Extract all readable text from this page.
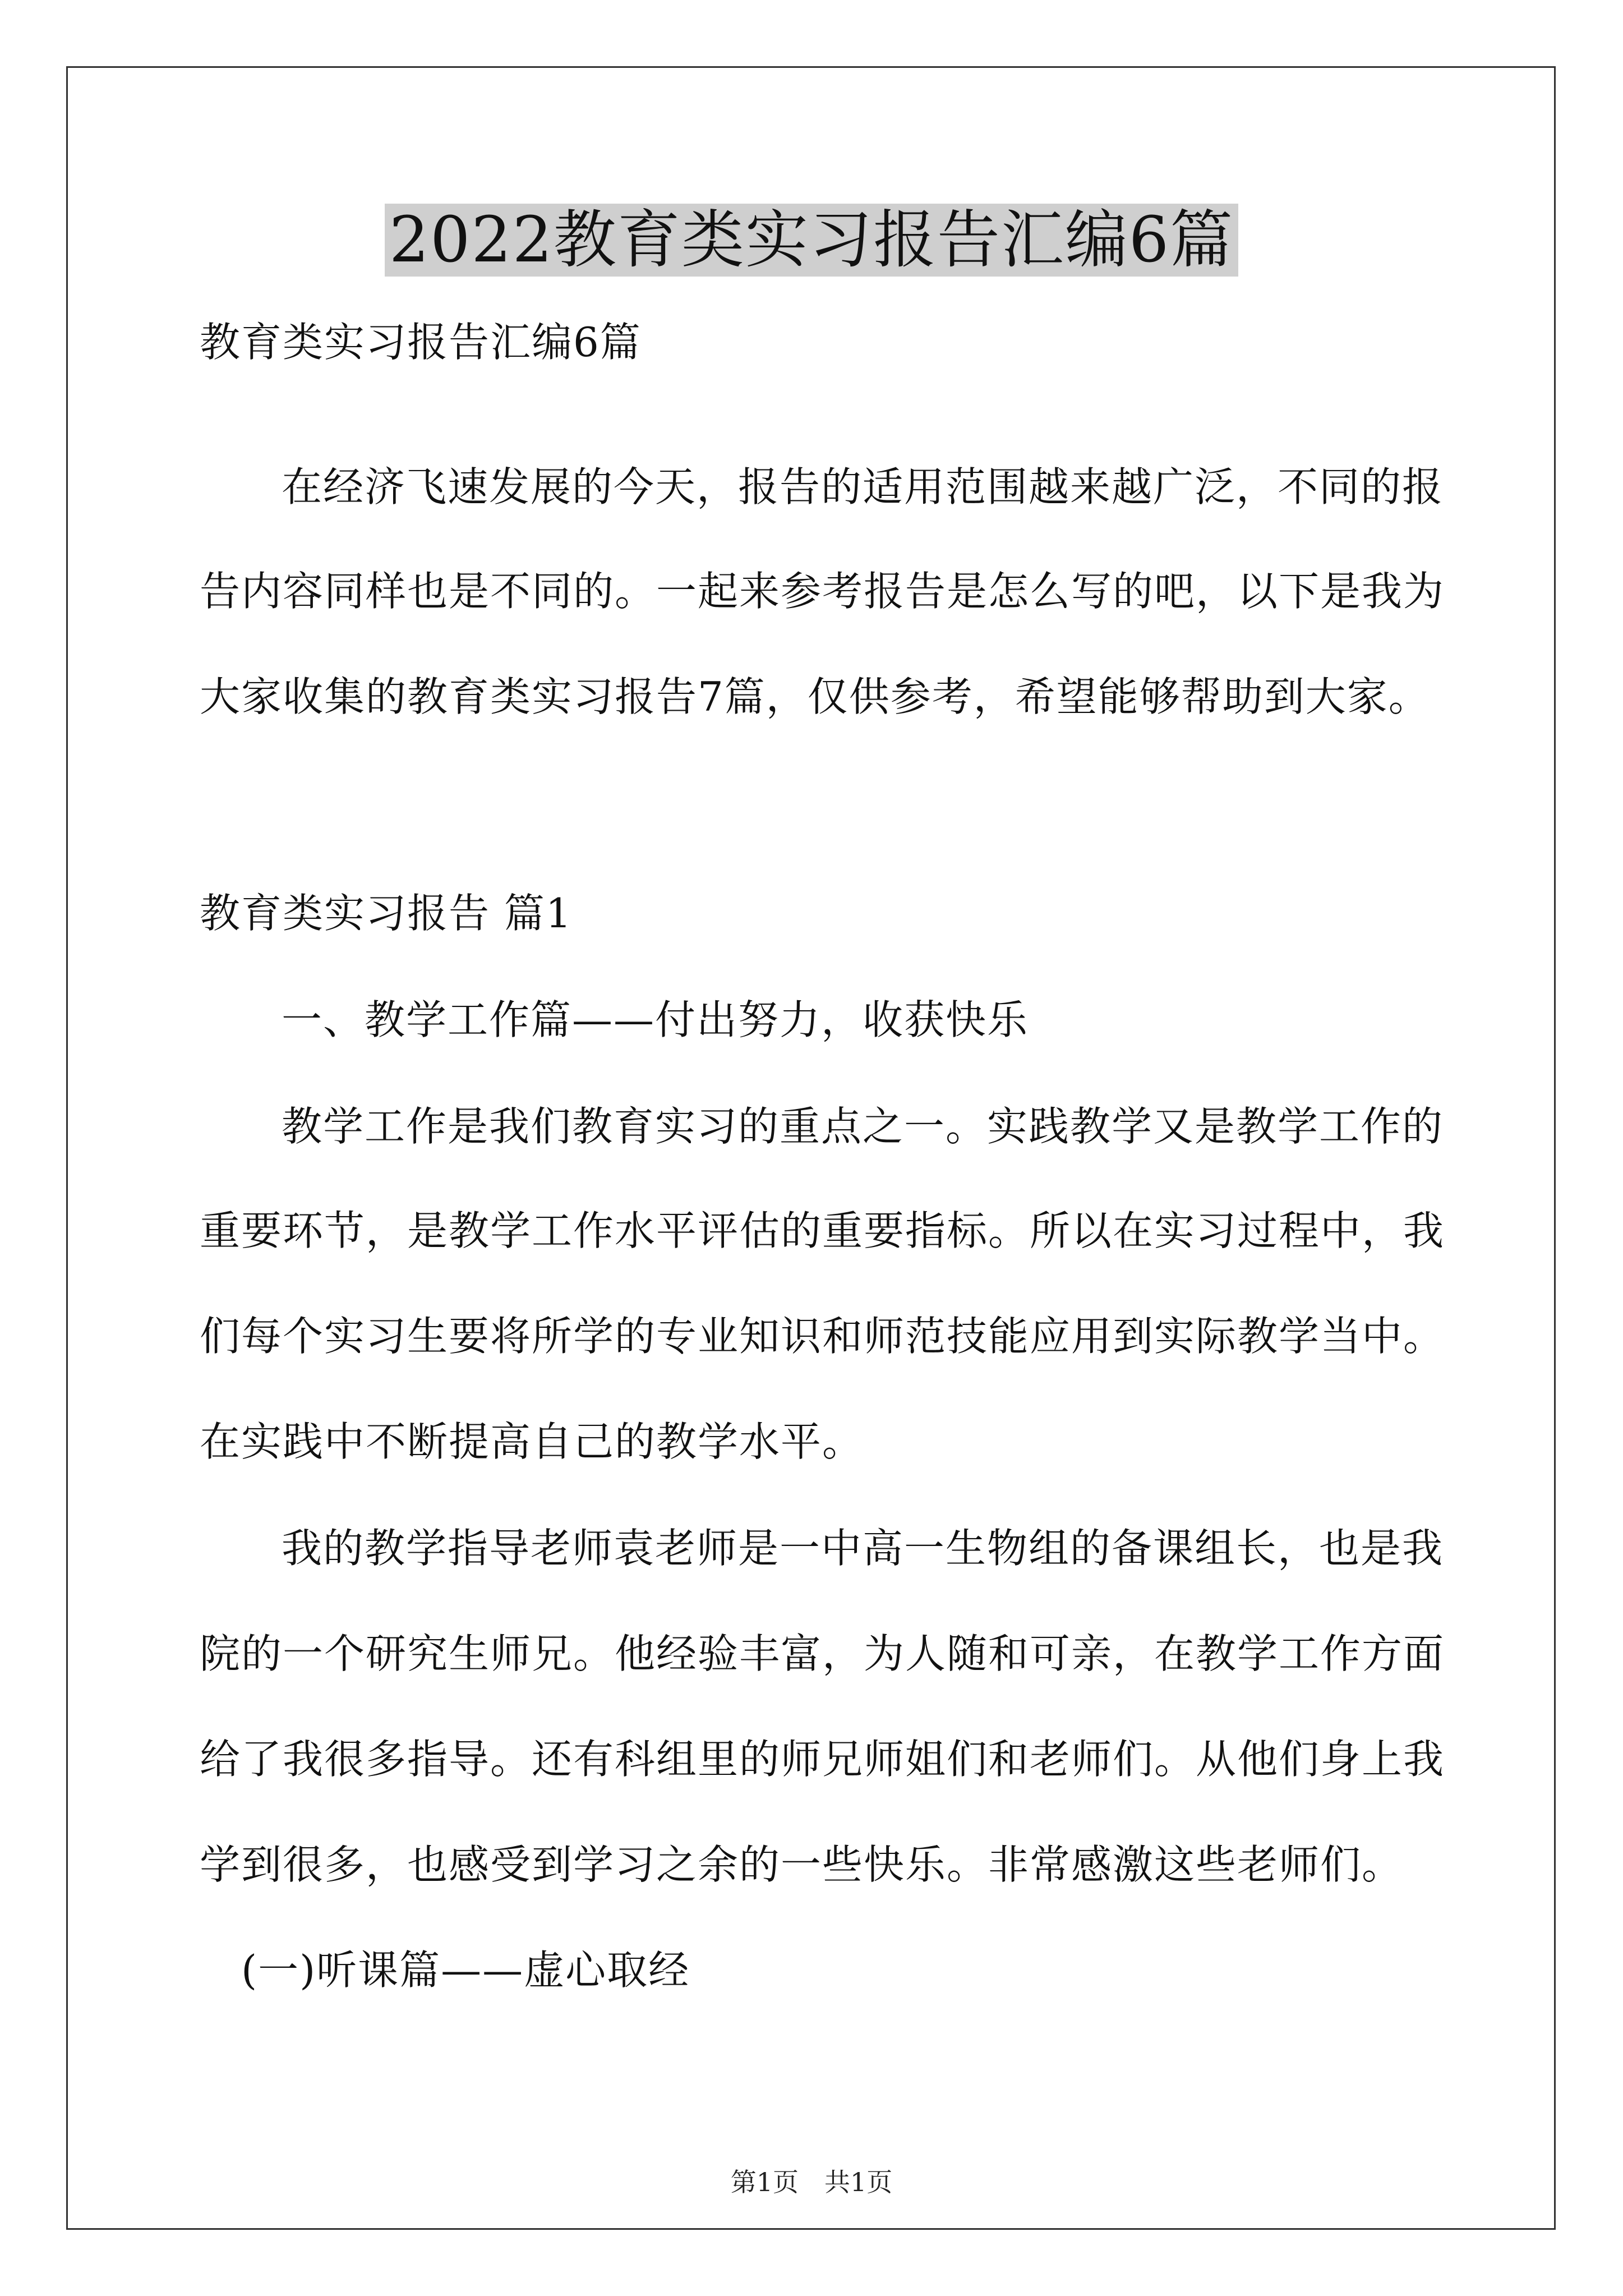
2022教育类实习报告汇编6篇
教育类实习报告汇编6篇
在经济飞速发展的今天，报告的适用范围越来越广泛，不同的报
告内容同样也是不同的。一起来参考报告是怎么写的吧，以下是我为
大家收集的教育类实习报告7篇，仅供参考，希望能够帮助到大家。
教育类实习报告 篇1
一、教学工作篇——付出努力，收获快乐
教学工作是我们教育实习的重点之一。实践教学又是教学工作的
重要环节，是教学工作水平评估的重要指标。所以在实习过程中，我
们每个实习生要将所学的专业知识和师范技能应用到实际教学当中。
在实践中不断提高自己的教学水平。
我的教学指导老师袁老师是一中高一生物组的备课组长，也是我
院的一个研究生师兄。他经验丰富，为人随和可亲，在教学工作方面
给了我很多指导。还有科组里的师兄师姐们和老师们。从他们身上我
学到很多，也感受到学习之余的一些快乐。非常感激这些老师们。
(一)听课篇——虚心取经
第1页　共1页
